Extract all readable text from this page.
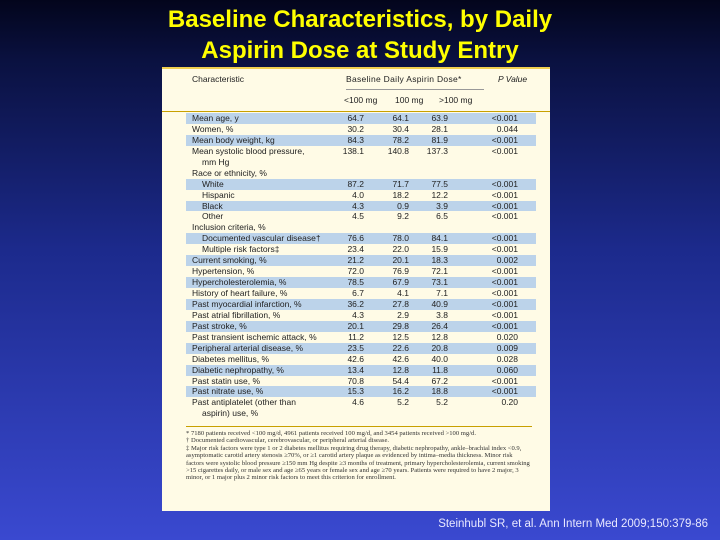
Baseline Characteristics, by Daily
Aspirin Dose at Study Entry
Characteristic	Baseline Daily Aspirin Dose*	P Value
<100 mg 100 mg >100 mg
Mean age, y	64.7	64.1	63.9	<0.001
Women, %	30.2	30.4	28.1	0.044
Mean body weight, kg	84.3	78.2	81.9	<0.001
Mean systolic blood pressure,	138.1	140.8	137.3	<0.001
mm Hg
Race or ethnicity, %
White	87.2	71.7	77.5	<0.001
Hispanic	4.0	18.2	12.2	<0.001
Black	4.3	0.9	3.9	<0.001
Other	4.5	9.2	6.5	<0.001
Inclusion criteria, %
Documented vascular disease†	76.6	78.0	84.1	<0.001
Multiple risk factors‡	23.4	22.0	15.9	<0.001
Current smoking, %	21.2	20.1	18.3	0.002
Hypertension, %	72.0	76.9	72.1	<0.001
Hypercholesterolemia, %	78.5	67.9	73.1	<0.001
History of heart failure, %	6.7	4.1	7.1	<0.001
Past myocardial infarction, %	36.2	27.8	40.9	<0.001
Past atrial fibrillation, %	4.3	2.9	3.8	<0.001
Past stroke, %	20.1	29.8	26.4	<0.001
Past transient ischemic attack, %	11.2	12.5	12.8	0.020
Peripheral arterial disease, %	23.5	22.6	20.8	0.009
Diabetes mellitus, %	42.6	42.6	40.0	0.028
Diabetic nephropathy, %	13.4	12.8	11.8	0.060
Past statin use, %	70.8	54.4	67.2	<0.001
Past nitrate use, %	15.3	16.2	18.8	<0.001
Past antiplatelet (other than	4.6	5.2	5.2	0.20
aspirin) use, %

* 7180 patients received <100 mg/d, 4961 patients received 100 mg/d, and 3454 patients received >100 mg/d.

† Documented cardiovascular, cerebrovascular, or peripheral arterial disease.

‡ Major risk factors were type 1 or 2 diabetes mellitus requiring drug therapy, diabetic nephropathy, ankle–brachial index <0.9, asymptomatic carotid artery stenosis ≥70%, or ≥1 carotid artery plaque as evidenced by intima–media thickness. Minor risk factors were systolic blood pressure ≥150 mm Hg despite ≥3 months of treatment, primary hypercholesterolemia, current smoking >15 cigarettes daily, or male sex and age ≥65 years or female sex and age ≥70 years. Patients were required to have 2 major, 3 minor, or 1 major plus 2 minor risk factors to meet this criterion for enrollment.

Steinhubl SR, et al. Ann Intern Med 2009;150:379-86
